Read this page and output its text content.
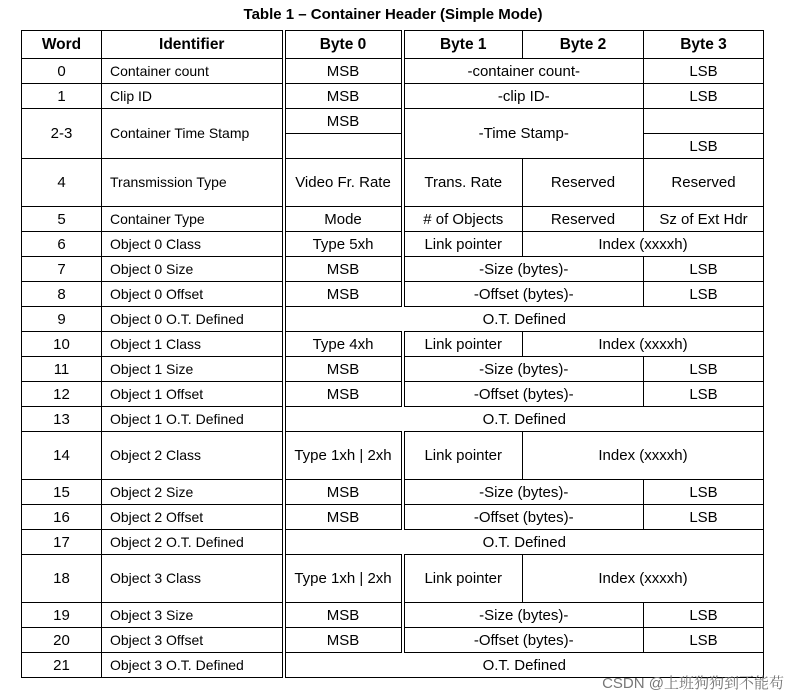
Table 1 – Container Header (Simple Mode)
Word	Identifier	Byte 0	Byte 1	Byte 2	Byte 3
0	Container count	MSB	-container count-		LSB
1	Clip ID	MSB	-clip ID-		LSB
2-3	Container Time Stamp	MSB	-Time Stamp-		
					LSB
4	Transmission Type	Video Fr. Rate	Trans. Rate	Reserved	Reserved
5	Container Type	Mode	# of Objects	Reserved	Sz of Ext Hdr
6	Object 0 Class	Type 5xh	Link pointer	Index (xxxxh)	
7	Object 0 Size	MSB	-Size (bytes)-		LSB
8	Object 0 Offset	MSB	-Offset (bytes)-		LSB
9	Object 0 O.T. Defined	O.T. Defined			
10	Object 1 Class	Type 4xh	Link pointer	Index (xxxxh)	
11	Object 1 Size	MSB	-Size (bytes)-		LSB
12	Object 1 Offset	MSB	-Offset (bytes)-		LSB
13	Object 1 O.T. Defined	O.T. Defined			
14	Object 2 Class	Type 1xh | 2xh	Link pointer	Index (xxxxh)	
15	Object 2 Size	MSB	-Size (bytes)-		LSB
16	Object 2 Offset	MSB	-Offset (bytes)-		LSB
17	Object 2 O.T. Defined	O.T. Defined			
18	Object 3 Class	Type 1xh | 2xh	Link pointer	Index (xxxxh)	
19	Object 3 Size	MSB	-Size (bytes)-		LSB
20	Object 3 Offset	MSB	-Offset (bytes)-		LSB
21	Object 3 O.T. Defined	O.T. Defined			
CSDN @上班狗狗到不能苟
